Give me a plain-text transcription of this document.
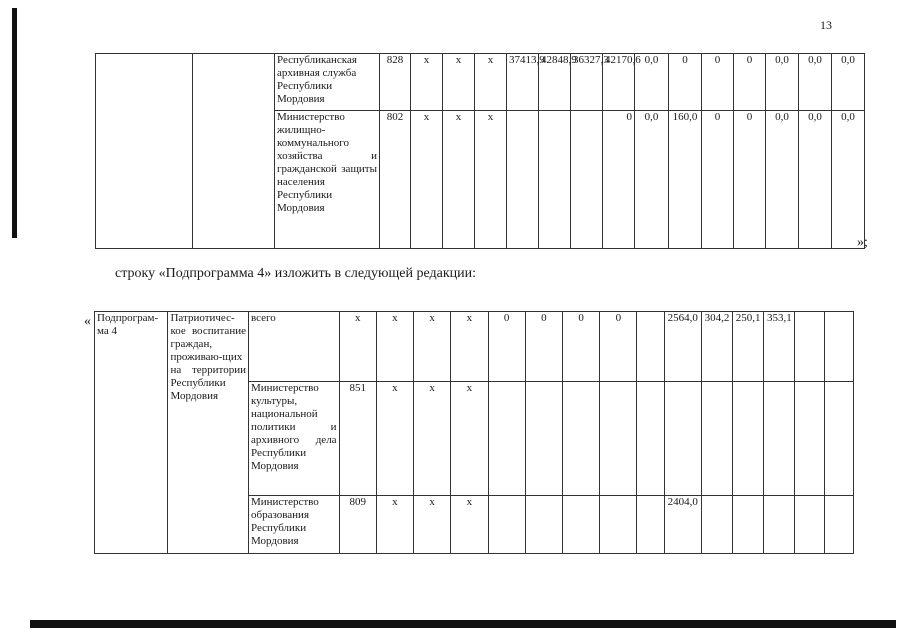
13
		Республиканская архивная служба Республики Мордовия	828	х	х	х	37413,9	42848,9	36327,3	42170,6	0,0	0	0	0	0,0	0,0	0,0
		Министерство жилищно-коммунального хозяйства и гражданской защиты населения Республики Мордовия	802	х	х	х				0	0,0	160,0	0	0	0,0	0,0	0,0
»;
строку «Подпрограмма 4» изложить в следующей редакции:
« Подпрограм-ма 4	Патриотичес-кое воспитание граждан, проживаю-щих на территории Республики Мордовия	всего	х	х	х	х	0	0	0	0		2564,0	304,2	250,1	353,1		
		Министерство культуры, национальной политики и архивного дела Республики Мордовия	851	х	х	х											
		Министерство образования Республики Мордовия	809	х	х	х						2404,0					
